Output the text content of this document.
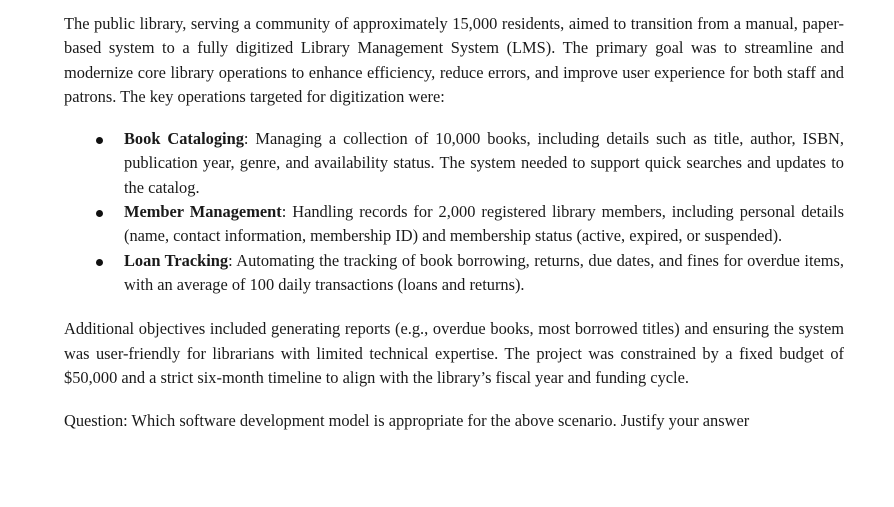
The public library, serving a community of approximately 15,000 residents, aimed to transition from a manual, paper-based system to a fully digitized Library Management System (LMS). The primary goal was to streamline and modernize core library operations to enhance efficiency, reduce errors, and improve user experience for both staff and patrons. The key operations targeted for digitization were:

Book Cataloging: Managing a collection of 10,000 books, including details such as title, author, ISBN, publication year, genre, and availability status. The system needed to support quick searches and updates to the catalog.
Member Management: Handling records for 2,000 registered library members, including personal details (name, contact information, membership ID) and membership status (active, expired, or suspended).
Loan Tracking: Automating the tracking of book borrowing, returns, due dates, and fines for overdue items, with an average of 100 daily transactions (loans and returns).

Additional objectives included generating reports (e.g., overdue books, most borrowed titles) and ensuring the system was user-friendly for librarians with limited technical expertise. The project was constrained by a fixed budget of $50,000 and a strict six-month timeline to align with the library’s fiscal year and funding cycle.

Question: Which software development model is appropriate for the above scenario. Justify your answer
